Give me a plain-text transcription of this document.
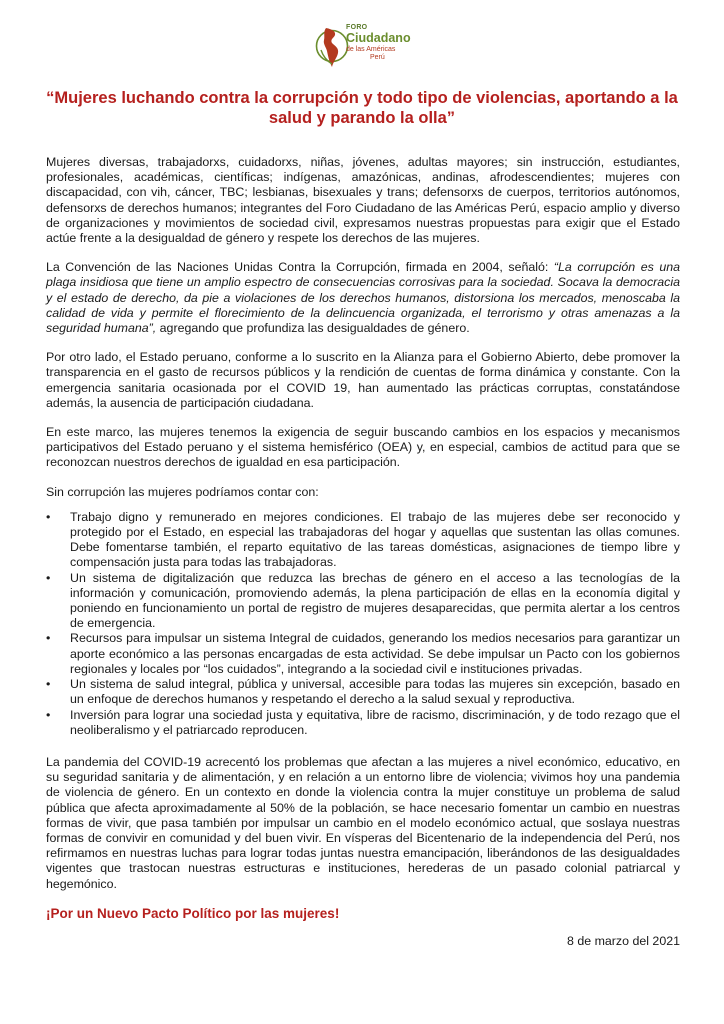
FORO
Ciudadano
de las Américas
Perú
“Mujeres luchando contra la corrupción y todo tipo de violencias, aportando a la salud y parando la olla”

Mujeres diversas, trabajadorxs, cuidadorxs, niñas, jóvenes, adultas mayores; sin instrucción, estudiantes, profesionales, académicas, científicas; indígenas, amazónicas, andinas, afrodescendientes; mujeres con discapacidad, con vih, cáncer, TBC; lesbianas, bisexuales y trans; defensorxs de cuerpos, territorios autónomos, defensorxs de derechos humanos; integrantes del Foro Ciudadano de las Américas Perú, espacio amplio y diverso de organizaciones y movimientos de sociedad civil, expresamos nuestras propuestas para exigir que el Estado actúe frente a la desigualdad de género y respete los derechos de las mujeres.

La Convención de las Naciones Unidas Contra la Corrupción, firmada en 2004, señaló: “La corrupción es una plaga insidiosa que tiene un amplio espectro de consecuencias corrosivas para la sociedad. Socava la democracia y el estado de derecho, da pie a violaciones de los derechos humanos, distorsiona los mercados, menoscaba la calidad de vida y permite el florecimiento de la delincuencia organizada, el terrorismo y otras amenazas a la seguridad humana”, agregando que profundiza las desigualdades de género.

Por otro lado, el Estado peruano, conforme a lo suscrito en la Alianza para el Gobierno Abierto, debe promover la transparencia en el gasto de recursos públicos y la rendición de cuentas de forma dinámica y constante. Con la emergencia sanitaria ocasionada por el COVID 19, han aumentado las prácticas corruptas, constatándose además, la ausencia de participación ciudadana.

En este marco, las mujeres tenemos la exigencia de seguir buscando cambios en los espacios y mecanismos participativos del Estado peruano y el sistema hemisférico (OEA) y, en especial, cambios de actitud para que se reconozcan nuestros derechos de igualdad en esa participación.

Sin corrupción las mujeres podríamos contar con:

• Trabajo digno y remunerado en mejores condiciones. El trabajo de las mujeres debe ser reconocido y protegido por el Estado, en especial las trabajadoras del hogar y aquellas que sustentan las ollas comunes. Debe fomentarse también, el reparto equitativo de las tareas domésticas, asignaciones de tiempo libre y compensación justa para todas las trabajadoras.
• Un sistema de digitalización que reduzca las brechas de género en el acceso a las tecnologías de la información y comunicación, promoviendo además, la plena participación de ellas en la economía digital y poniendo en funcionamiento un portal de registro de mujeres desaparecidas, que permita alertar a los centros de emergencia.
• Recursos para impulsar un sistema Integral de cuidados, generando los medios necesarios para garantizar un aporte económico a las personas encargadas de esta actividad. Se debe impulsar un Pacto con los gobiernos regionales y locales por “los cuidados”, integrando a la sociedad civil e instituciones privadas.
• Un sistema de salud integral, pública y universal, accesible para todas las mujeres sin excepción, basado en un enfoque de derechos humanos y respetando el derecho a la salud sexual y reproductiva.
• Inversión para lograr una sociedad justa y equitativa, libre de racismo, discriminación, y de todo rezago que el neoliberalismo y el patriarcado reproducen.

La pandemia del COVID-19 acrecentó los problemas que afectan a las mujeres a nivel económico, educativo, en su seguridad sanitaria y de alimentación, y en relación a un entorno libre de violencia; vivimos hoy una pandemia de violencia de género. En un contexto en donde la violencia contra la mujer constituye un problema de salud pública que afecta aproximadamente al 50% de la población, se hace necesario fomentar un cambio en nuestras formas de vivir, que pasa también por impulsar un cambio en el modelo económico actual, que soslaya nuestras formas de convivir en comunidad y del buen vivir. En vísperas del Bicentenario de la independencia del Perú, nos refirmamos en nuestras luchas para lograr todas juntas nuestra emancipación, liberándonos de las desigualdades vigentes que trastocan nuestras estructuras e instituciones, herederas de un pasado colonial patriarcal y hegemónico.

¡Por un Nuevo Pacto Político por las mujeres!

8 de marzo del 2021
